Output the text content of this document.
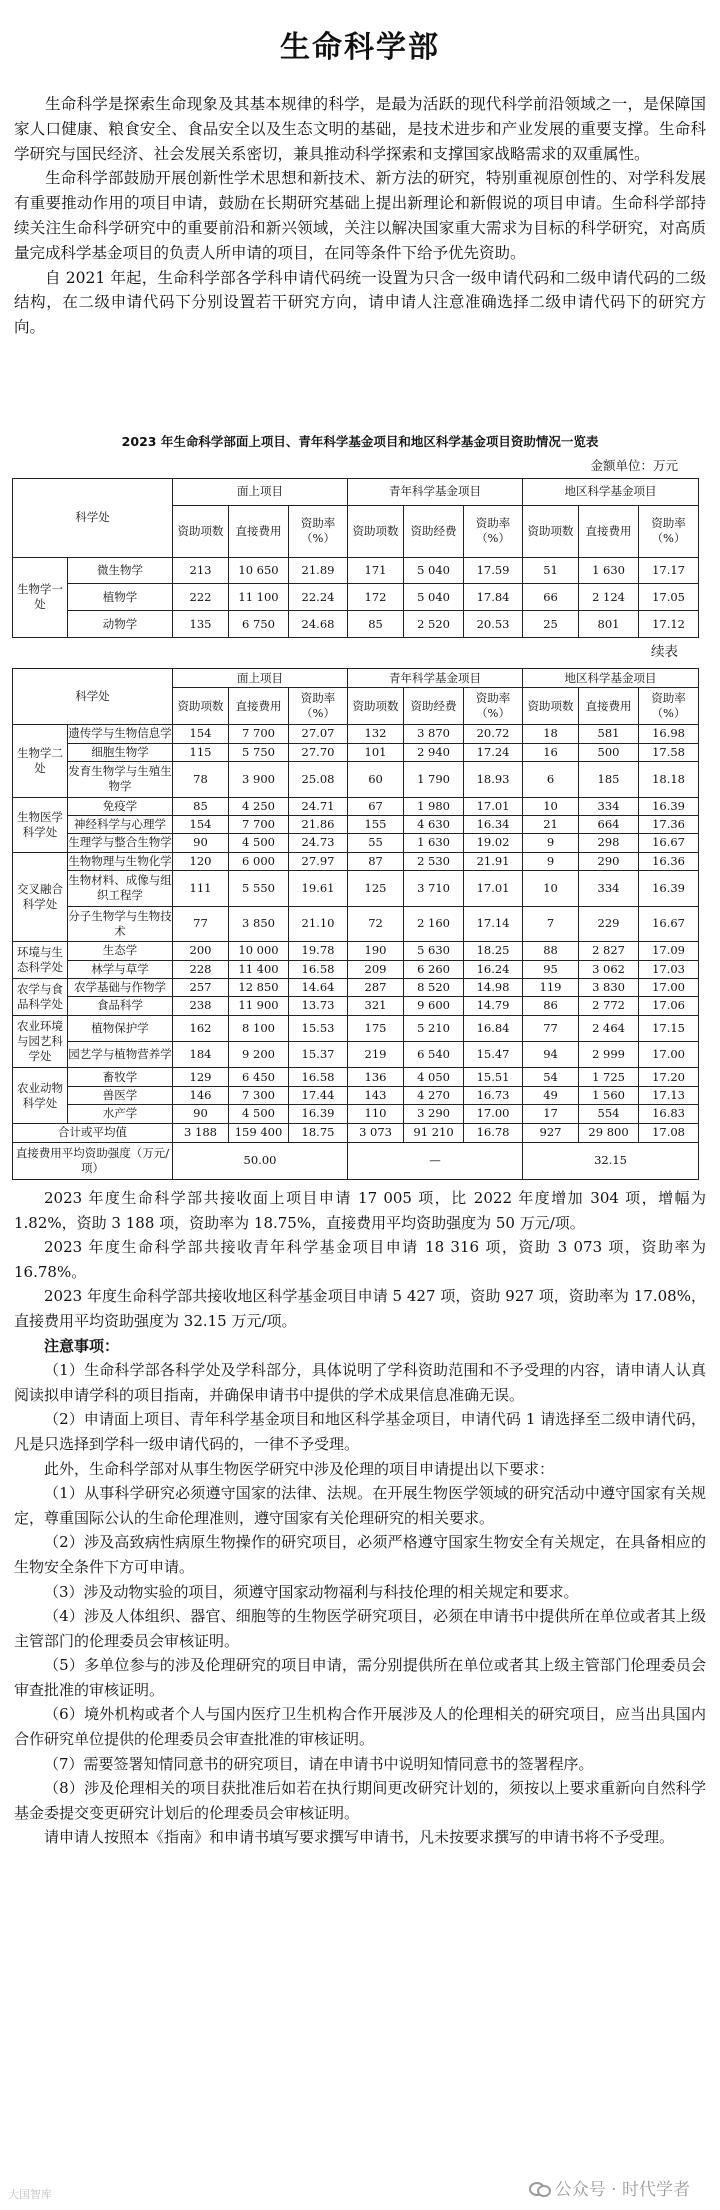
生命科学部

生命科学是探索生命现象及其基本规律的科学，是最为活跃的现代科学前沿领域之一，是保障国家人口健康、粮食安全、食品安全以及生态文明的基础，是技术进步和产业发展的重要支撑。生命科学研究与国民经济、社会发展关系密切，兼具推动科学探索和支撑国家战略需求的双重属性。

生命科学部鼓励开展创新性学术思想和新技术、新方法的研究，特别重视原创性的、对学科发展有重要推动作用的项目申请，鼓励在长期研究基础上提出新理论和新假说的项目申请。生命科学部持续关注生命科学研究中的重要前沿和新兴领域，关注以解决国家重大需求为目标的科学研究，对高质量完成科学基金项目的负责人所申请的项目，在同等条件下给予优先资助。

自 2021 年起，生命科学部各学科申请代码统一设置为只含一级申请代码和二级申请代码的二级结构，在二级申请代码下分别设置若干研究方向，请申请人注意准确选择二级申请代码下的研究方向。

2023 年生命科学部面上项目、青年科学基金项目和地区科学基金项目资助情况一览表
金额单位：万元
科学处		面上项目			青年科学基金项目			地区科学基金项目		
		资助项数	直接费用	资助率（%）	资助项数	资助经费	资助率（%）	资助项数	直接费用	资助率（%）
生物学一处	微生物学	213	10 650	21.89	171	5 040	17.59	51	1 630	17.17
	植物学	222	11 100	22.24	172	5 040	17.84	66	2 124	17.05
	动物学	135	6 750	24.68	85	2 520	20.53	25	801	17.12
续表
科学处		面上项目			青年科学基金项目			地区科学基金项目		
		资助项数	直接费用	资助率（%）	资助项数	资助经费	资助率（%）	资助项数	直接费用	资助率（%）
生物学二处	遗传学与生物信息学	154	7 700	27.07	132	3 870	20.72	18	581	16.98
	细胞生物学	115	5 750	27.70	101	2 940	17.24	16	500	17.58
	发育生物学与生殖生物学	78	3 900	25.08	60	1 790	18.93	6	185	18.18
生物医学科学处	免疫学	85	4 250	24.71	67	1 980	17.01	10	334	16.39
	神经科学与心理学	154	7 700	21.86	155	4 630	16.34	21	664	17.36
	生理学与整合生物学	90	4 500	24.73	55	1 630	19.02	9	298	16.67
交叉融合科学处	生物物理与生物化学	120	6 000	27.97	87	2 530	21.91	9	290	16.36
	生物材料、成像与组织工程学	111	5 550	19.61	125	3 710	17.01	10	334	16.39
	分子生物学与生物技术	77	3 850	21.10	72	2 160	17.14	7	229	16.67
环境与生态科学处	生态学	200	10 000	19.78	190	5 630	18.25	88	2 827	17.09
	林学与草学	228	11 400	16.58	209	6 260	16.24	95	3 062	17.03
农学与食品科学处	农学基础与作物学	257	12 850	14.64	287	8 520	14.98	119	3 830	17.00
	食品科学	238	11 900	13.73	321	9 600	14.79	86	2 772	17.06
农业环境与园艺科学处	植物保护学	162	8 100	15.53	175	5 210	16.84	77	2 464	17.15
	园艺学与植物营养学	184	9 200	15.37	219	6 540	15.47	94	2 999	17.00
农业动物科学处	畜牧学	129	6 450	16.58	136	4 050	15.51	54	1 725	17.20
	兽医学	146	7 300	17.44	143	4 270	16.73	49	1 560	17.13
	水产学	90	4 500	16.39	110	3 290	17.00	17	554	16.83
合计或平均值		3 188	159 400	18.75	3 073	91 210	16.78	927	29 800	17.08
直接费用平均资助强度（万元/项）		50.00			—			32.15		

2023 年度生命科学部共接收面上项目申请 17 005 项，比 2022 年度增加 304 项，增幅为 1.82%，资助 3 188 项，资助率为 18.75%，直接费用平均资助强度为 50 万元/项。

2023 年度生命科学部共接收青年科学基金项目申请 18 316 项，资助 3 073 项，资助率为 16.78%。

2023 年度生命科学部共接收地区科学基金项目申请 5 427 项，资助 927 项，资助率为 17.08%，直接费用平均资助强度为 32.15 万元/项。

注意事项：

（1）生命科学部各科学处及学科部分，具体说明了学科资助范围和不予受理的内容，请申请人认真阅读拟申请学科的项目指南，并确保申请书中提供的学术成果信息准确无误。

（2）申请面上项目、青年科学基金项目和地区科学基金项目，申请代码 1 请选择至二级申请代码，凡是只选择到学科一级申请代码的，一律不予受理。

此外，生命科学部对从事生物医学研究中涉及伦理的项目申请提出以下要求：

（1）从事科学研究必须遵守国家的法律、法规。在开展生物医学领域的研究活动中遵守国家有关规定，尊重国际公认的生命伦理准则，遵守国家有关伦理研究的相关要求。

（2）涉及高致病性病原生物操作的研究项目，必须严格遵守国家生物安全有关规定，在具备相应的生物安全条件下方可申请。

（3）涉及动物实验的项目，须遵守国家动物福利与科技伦理的相关规定和要求。

（4）涉及人体组织、器官、细胞等的生物医学研究项目，必须在申请书中提供所在单位或者其上级主管部门的伦理委员会审核证明。

（5）多单位参与的涉及伦理研究的项目申请，需分别提供所在单位或者其上级主管部门伦理委员会审查批准的审核证明。

（6）境外机构或者个人与国内医疗卫生机构合作开展涉及人的伦理相关的研究项目，应当出具国内合作研究单位提供的伦理委员会审查批准的审核证明。

（7）需要签署知情同意书的研究项目，请在申请书中说明知情同意书的签署程序。

（8）涉及伦理相关的项目获批准后如若在执行期间更改研究计划的，须按以上要求重新向自然科学基金委提交变更研究计划后的伦理委员会审核证明。

请申请人按照本《指南》和申请书填写要求撰写申请书，凡未按要求撰写的申请书将不予受理。

大国智库	公众号 · 时代学者
